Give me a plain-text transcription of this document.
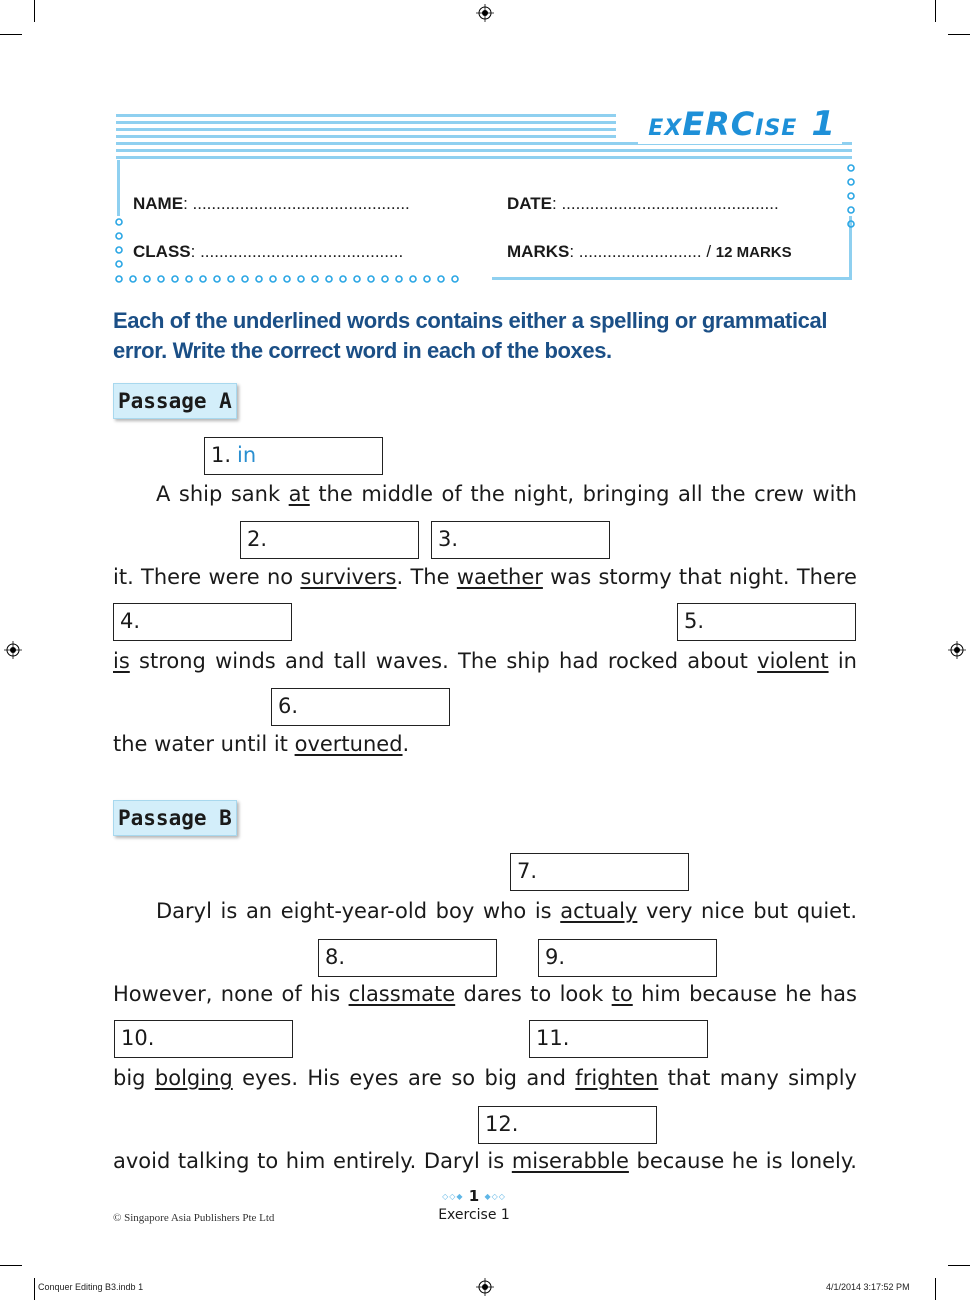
EXERCISE 1
NAME: ..............................................	DATE: ..............................................
CLASS: ...........................................	MARKS: .......................... / 12 MARKS
Each of the underlined words contains either a spelling or grammatical
error. Write the correct word in each of the boxes.
Passage A
1. in
A ship sank at the middle of the night, bringing all the crew with
2.	3.
it. There were no survivers. The waether was stormy that night. There
4.	5.
is strong winds and tall waves. The ship had rocked about violent in
6.
the water until it overtuned.
Passage B
7.
Daryl is an eight-year-old boy who is actualy very nice but quiet.
8.	9.
However, none of his classmate dares to look to him because he has
10.	11.
big bolging eyes. His eyes are so big and frighten that many simply
12.
avoid talking to him entirely. Daryl is miserabble because he is lonely.
◇◇◆ 1 ◆◇◇
Exercise 1
© Singapore Asia Publishers Pte Ltd
Conquer Editing B3.indb 1	4/1/2014 3:17:52 PM
